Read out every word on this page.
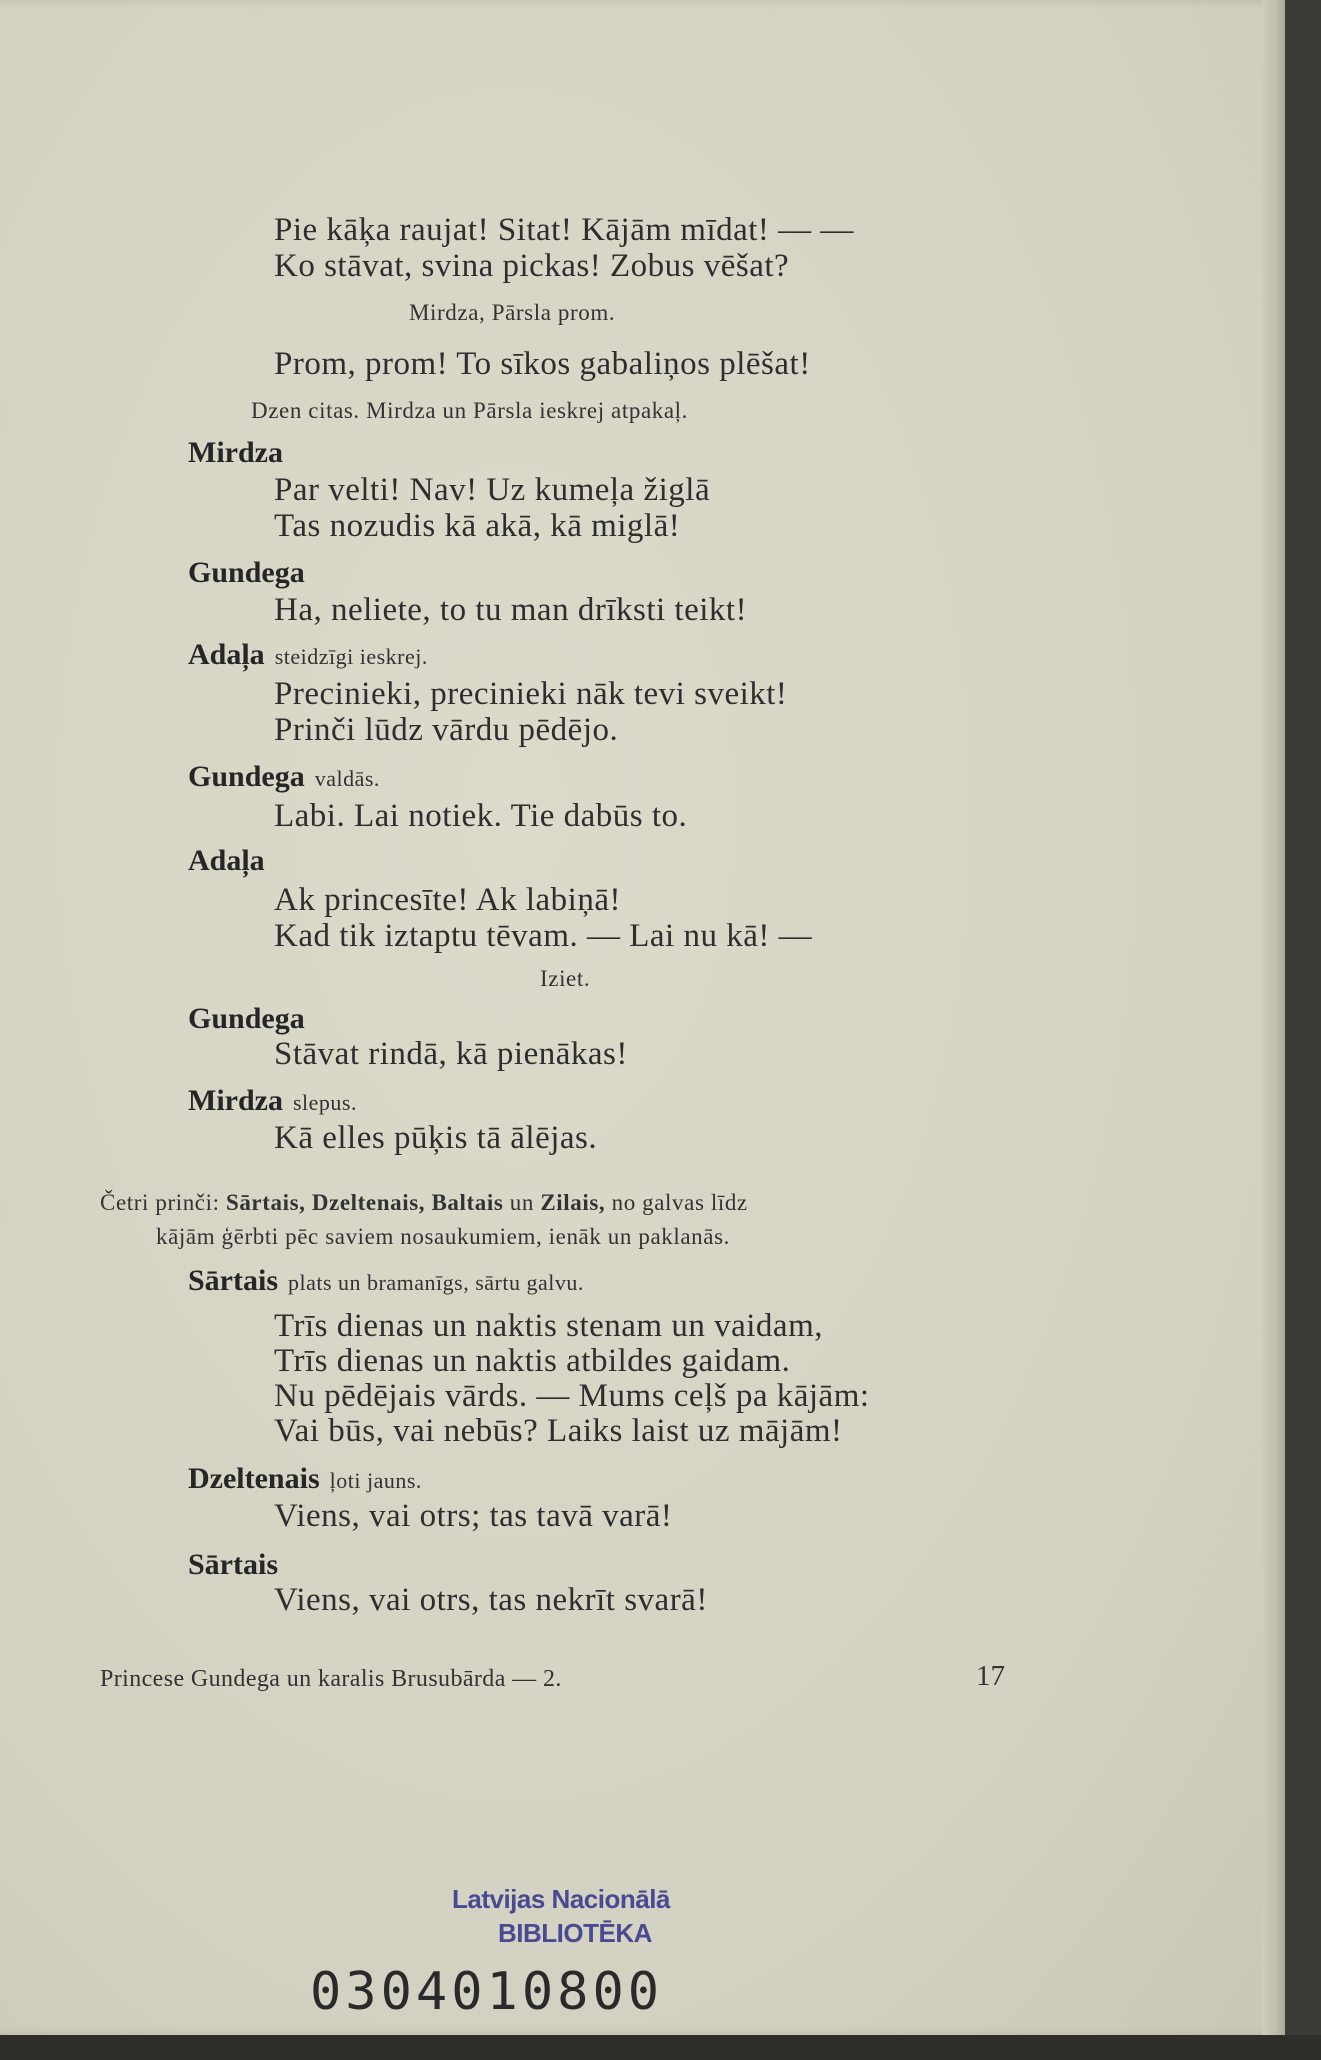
Pie kāķa raujat! Sitat! Kājām mīdat! — —
Ko stāvat, svina pickas! Zobus vēšat?
Mirdza, Pārsla prom.
Prom, prom! To sīkos gabaliņos plēšat!
Dzen citas. Mirdza un Pārsla ieskrej atpakaļ.
Mirdza
Par velti! Nav! Uz kumeļa žiglā
Tas nozudis kā akā, kā miglā!
Gundega
Ha, neliete, to tu man drīksti teikt!
Adaļa steidzīgi ieskrej.
Precinieki, precinieki nāk tevi sveikt!
Prinči lūdz vārdu pēdējo.
Gundega valdās.
Labi. Lai notiek. Tie dabūs to.
Adaļa
Ak princesīte! Ak labiņā!
Kad tik iztaptu tēvam. — Lai nu kā! —
Iziet.
Gundega
Stāvat rindā, kā pienākas!
Mirdza slepus.
Kā elles pūķis tā ālējas.
Četri prinči: Sārtais, Dzeltenais, Baltais un Zilais, no galvas līdz
kājām ģērbti pēc saviem nosaukumiem, ienāk un paklanās.
Sārtais plats un bramanīgs, sārtu galvu.
Trīs dienas un naktis stenam un vaidam,
Trīs dienas un naktis atbildes gaidam.
Nu pēdējais vārds. — Mums ceļš pa kājām:
Vai būs, vai nebūs? Laiks laist uz mājām!
Dzeltenais ļoti jauns.
Viens, vai otrs; tas tavā varā!
Sārtais
Viens, vai otrs, tas nekrīt svarā!
Princese Gundega un karalis Brusubārda — 2.	17
Latvijas Nacionālā
BIBLIOTĒKA
0304010800
